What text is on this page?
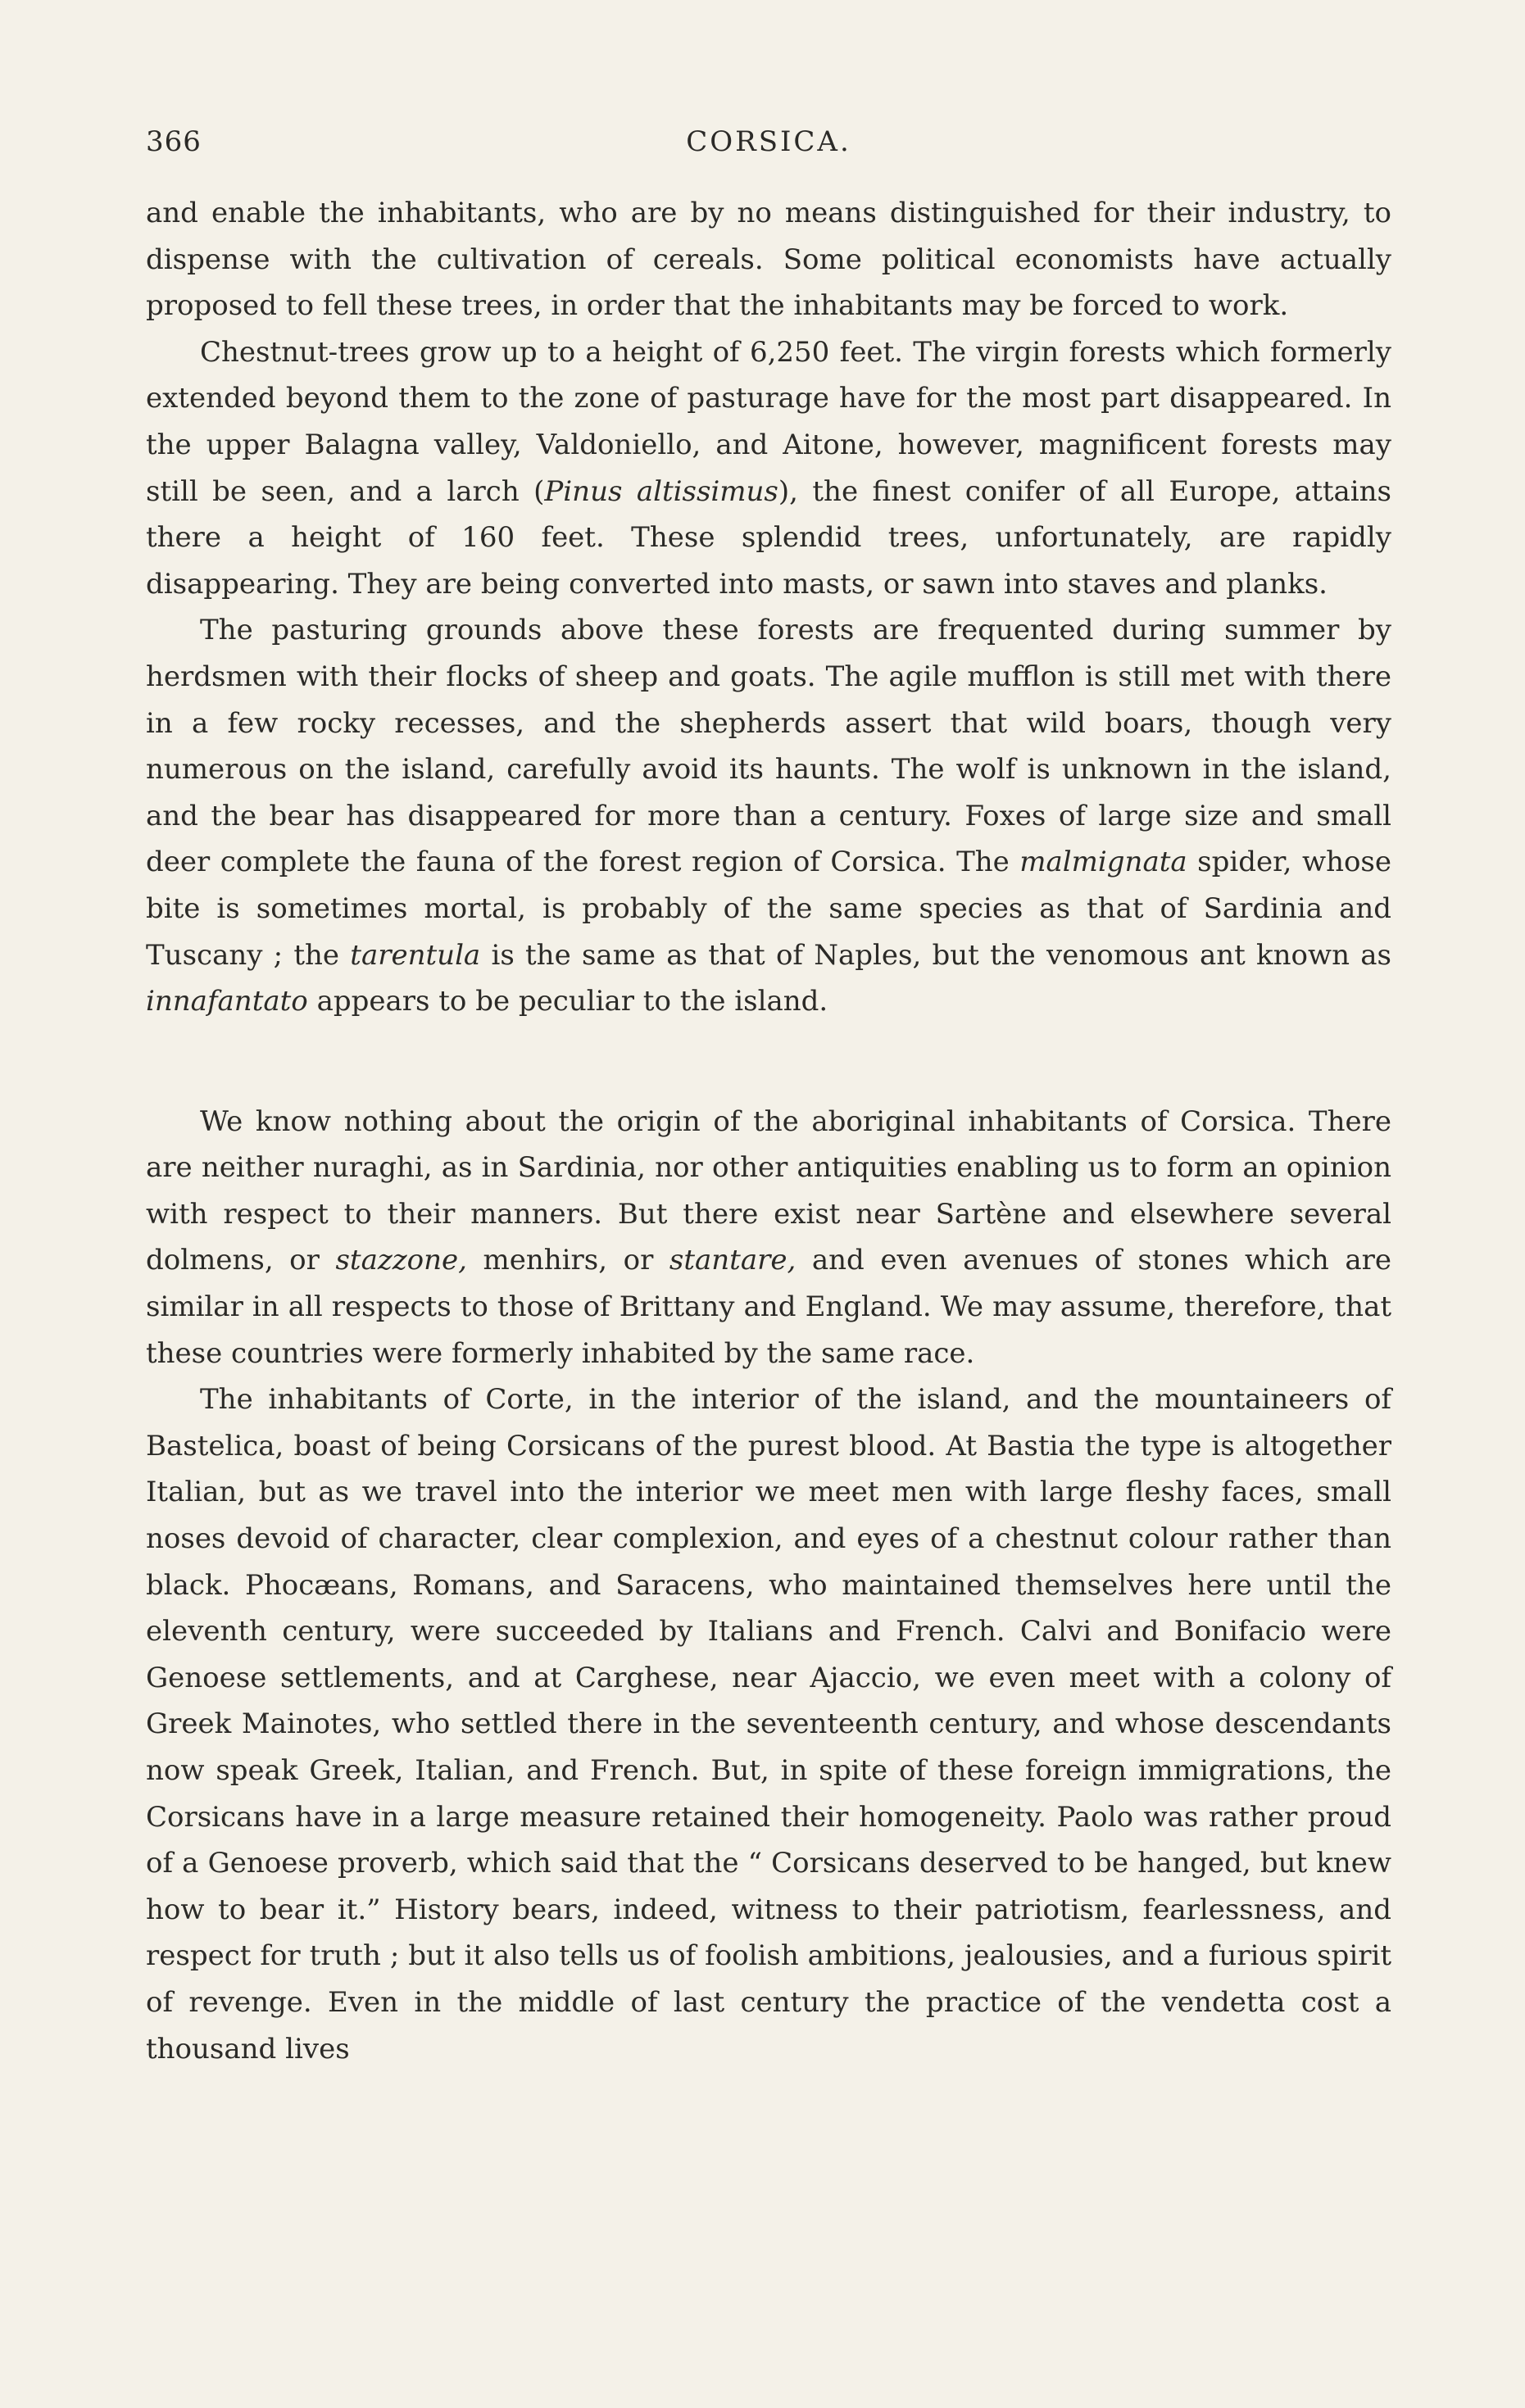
366	CORSICA.

and enable the inhabitants, who are by no means distinguished for their industry, to dispense with the cultivation of cereals. Some political economists have actually proposed to fell these trees, in order that the inhabitants may be forced to work.

Chestnut-trees grow up to a height of 6,250 feet. The virgin forests which formerly extended beyond them to the zone of pasturage have for the most part disappeared. In the upper Balagna valley, Valdoniello, and Aitone, however, magnificent forests may still be seen, and a larch (Pinus altissimus), the finest conifer of all Europe, attains there a height of 160 feet. These splendid trees, unfortunately, are rapidly disappearing. They are being converted into masts, or sawn into staves and planks.

The pasturing grounds above these forests are frequented during summer by herdsmen with their flocks of sheep and goats. The agile mufflon is still met with there in a few rocky recesses, and the shepherds assert that wild boars, though very numerous on the island, carefully avoid its haunts. The wolf is unknown in the island, and the bear has disappeared for more than a century. Foxes of large size and small deer complete the fauna of the forest region of Corsica. The malmignata spider, whose bite is sometimes mortal, is probably of the same species as that of Sardinia and Tuscany ; the tarentula is the same as that of Naples, but the venomous ant known as innafantato appears to be peculiar to the island.

We know nothing about the origin of the aboriginal inhabitants of Corsica. There are neither nuraghi, as in Sardinia, nor other antiquities enabling us to form an opinion with respect to their manners. But there exist near Sartène and elsewhere several dolmens, or stazzone, menhirs, or stantare, and even avenues of stones which are similar in all respects to those of Brittany and England. We may assume, therefore, that these countries were formerly inhabited by the same race.

The inhabitants of Corte, in the interior of the island, and the mountaineers of Bastelica, boast of being Corsicans of the purest blood. At Bastia the type is altogether Italian, but as we travel into the interior we meet men with large fleshy faces, small noses devoid of character, clear complexion, and eyes of a chestnut colour rather than black. Phocæans, Romans, and Saracens, who maintained themselves here until the eleventh century, were succeeded by Italians and French. Calvi and Bonifacio were Genoese settlements, and at Carghese, near Ajaccio, we even meet with a colony of Greek Mainotes, who settled there in the seventeenth century, and whose descendants now speak Greek, Italian, and French. But, in spite of these foreign immigrations, the Corsicans have in a large measure retained their homogeneity. Paolo was rather proud of a Genoese proverb, which said that the “ Corsicans deserved to be hanged, but knew how to bear it.” History bears, indeed, witness to their patriotism, fearlessness, and respect for truth ; but it also tells us of foolish ambitions, jealousies, and a furious spirit of revenge. Even in the middle of last century the practice of the vendetta cost a thousand lives
